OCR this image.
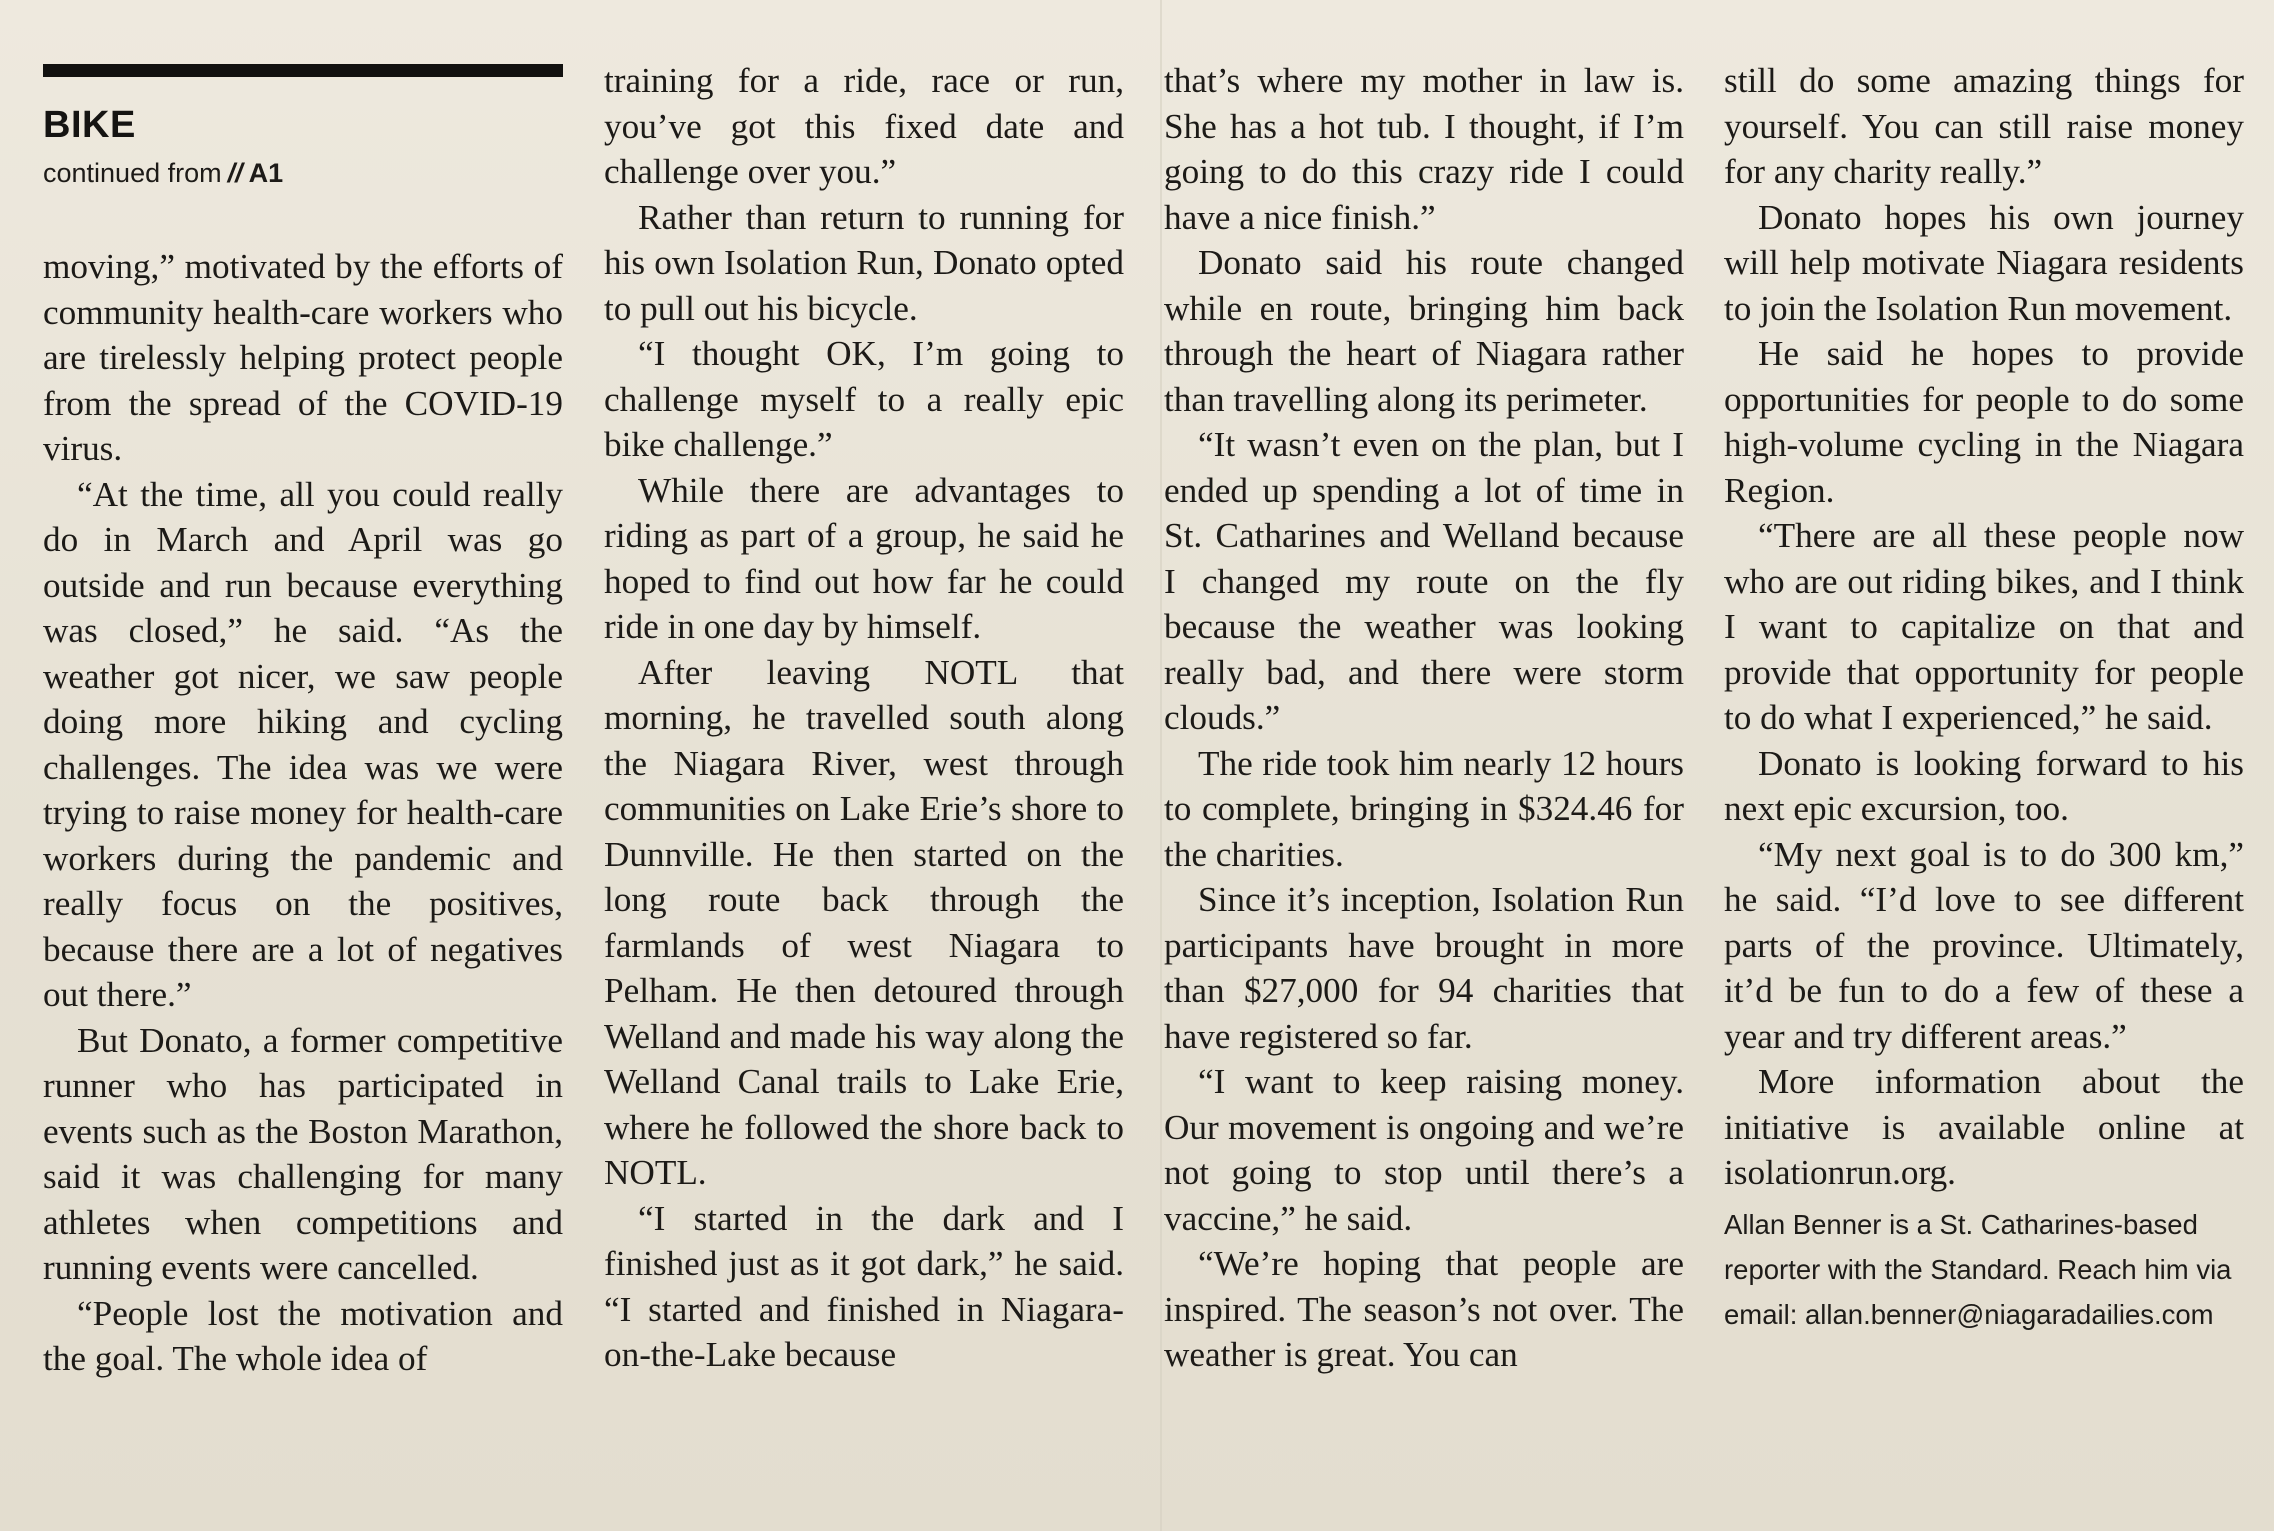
BIKE
continued from // A1

moving,” motivated by the efforts of community health-care workers who are tirelessly helping protect people from the spread of the COVID-19 virus.

“At the time, all you could really do in March and April was go outside and run because everything was closed,” he said. “As the weather got nicer, we saw people doing more hiking and cycling challenges. The idea was we were trying to raise money for health-care workers during the pandemic and really focus on the positives, because there are a lot of negatives out there.”

But Donato, a former competitive runner who has participated in events such as the Boston Marathon, said it was challenging for many athletes when competitions and running events were cancelled.

“People lost the motivation and the goal. The whole idea of

training for a ride, race or run, you’ve got this fixed date and challenge over you.”

Rather than return to running for his own Isolation Run, Donato opted to pull out his bicycle.

“I thought OK, I’m going to challenge myself to a really epic bike challenge.”

While there are advantages to riding as part of a group, he said he hoped to find out how far he could ride in one day by himself.

After leaving NOTL that morning, he travelled south along the Niagara River, west through communities on Lake Erie’s shore to Dunnville. He then started on the long route back through the farmlands of west Niagara to Pelham. He then detoured through Welland and made his way along the Welland Canal trails to Lake Erie, where he followed the shore back to NOTL.

“I started in the dark and I finished just as it got dark,” he said. “I started and finished in Niagara-on-the-Lake because

that’s where my mother in law is. She has a hot tub. I thought, if I’m going to do this crazy ride I could have a nice finish.”

Donato said his route changed while en route, bringing him back through the heart of Niagara rather than travelling along its perimeter.

“It wasn’t even on the plan, but I ended up spending a lot of time in St. Catharines and Welland because I changed my route on the fly because the weather was looking really bad, and there were storm clouds.”

The ride took him nearly 12 hours to complete, bringing in $324.46 for the charities.

Since it’s inception, Isolation Run participants have brought in more than $27,000 for 94 charities that have registered so far.

“I want to keep raising money. Our movement is ongoing and we’re not going to stop until there’s a vaccine,” he said.

“We’re hoping that people are inspired. The season’s not over. The weather is great. You can

still do some amazing things for yourself. You can still raise money for any charity really.”

Donato hopes his own journey will help motivate Niagara residents to join the Isolation Run movement.

He said he hopes to provide opportunities for people to do some high-volume cycling in the Niagara Region.

“There are all these people now who are out riding bikes, and I think I want to capitalize on that and provide that opportunity for people to do what I experienced,” he said.

Donato is looking forward to his next epic excursion, too.

“My next goal is to do 300 km,” he said. “I’d love to see different parts of the province. Ultimately, it’d be fun to do a few of these a year and try different areas.”

More information about the initiative is available online at isolationrun.org.

Allan Benner is a St. Catharines-based reporter with the Standard. Reach him via email: allan.benner@niagaradailies.com
